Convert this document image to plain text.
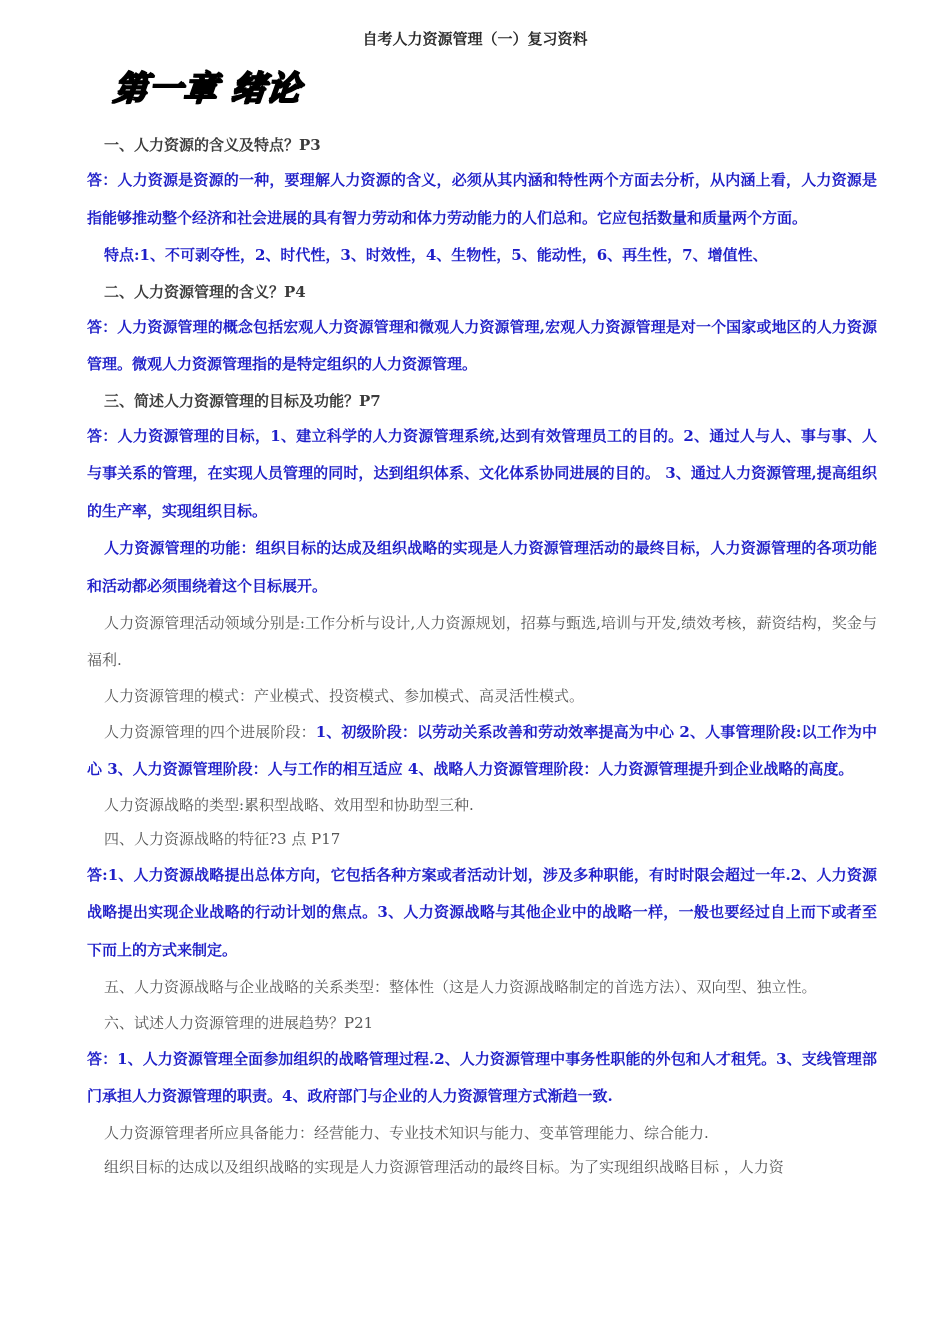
自考人力资源管理（一）复习资料
第一章 绪论

一、人力资源的含义及特点？P3

答：人力资源是资源的一种，要理解人力资源的含义，必须从其内涵和特性两个方面去分析，从内涵上看，人力资源是指能够推动整个经济和社会进展的具有智力劳动和体力劳动能力的人们总和。它应包括数量和质量两个方面。

特点:1、不可剥夺性，2、时代性，3、时效性，4、生物性，5、能动性，6、再生性，7、增值性、

二、人力资源管理的含义？P4

答：人力资源管理的概念包括宏观人力资源管理和微观人力资源管理,宏观人力资源管理是对一个国家或地区的人力资源管理。微观人力资源管理指的是特定组织的人力资源管理。

三、简述人力资源管理的目标及功能？P7

答：人力资源管理的目标，1、建立科学的人力资源管理系统,达到有效管理员工的目的。2、通过人与人、事与事、人与事关系的管理，在实现人员管理的同时，达到组织体系、文化体系协同进展的目的。 3、通过人力资源管理,提高组织的生产率，实现组织目标。

人力资源管理的功能：组织目标的达成及组织战略的实现是人力资源管理活动的最终目标，人力资源管理的各项功能和活动都必须围绕着这个目标展开。

人力资源管理活动领域分别是:工作分析与设计,人力资源规划，招募与甄选,培训与开发,绩效考核，薪资结构，奖金与福利.

人力资源管理的模式：产业模式、投资模式、参加模式、高灵活性模式。

人力资源管理的四个进展阶段：1、初级阶段：以劳动关系改善和劳动效率提高为中心 2、人事管理阶段:以工作为中心 3、人力资源管理阶段：人与工作的相互适应 4、战略人力资源管理阶段：人力资源管理提升到企业战略的高度。

人力资源战略的类型:累积型战略、效用型和协助型三种.

四、人力资源战略的特征?3 点 P17

答:1、人力资源战略提出总体方向，它包括各种方案或者活动计划，涉及多种职能，有时时限会超过一年.2、人力资源战略提出实现企业战略的行动计划的焦点。3、人力资源战略与其他企业中的战略一样，一般也要经过自上而下或者至下而上的方式来制定。

五、人力资源战略与企业战略的关系类型：整体性（这是人力资源战略制定的首选方法）、双向型、独立性。

六、试述人力资源管理的进展趋势？P21

答：1、人力资源管理全面参加组织的战略管理过程.2、人力资源管理中事务性职能的外包和人才租凭。3、支线管理部门承担人力资源管理的职责。4、政府部门与企业的人力资源管理方式渐趋一致.

人力资源管理者所应具备能力：经营能力、专业技术知识与能力、变革管理能力、综合能力.

组织目标的达成以及组织战略的实现是人力资源管理活动的最终目标。为了实现组织战略目标 ，人力资
